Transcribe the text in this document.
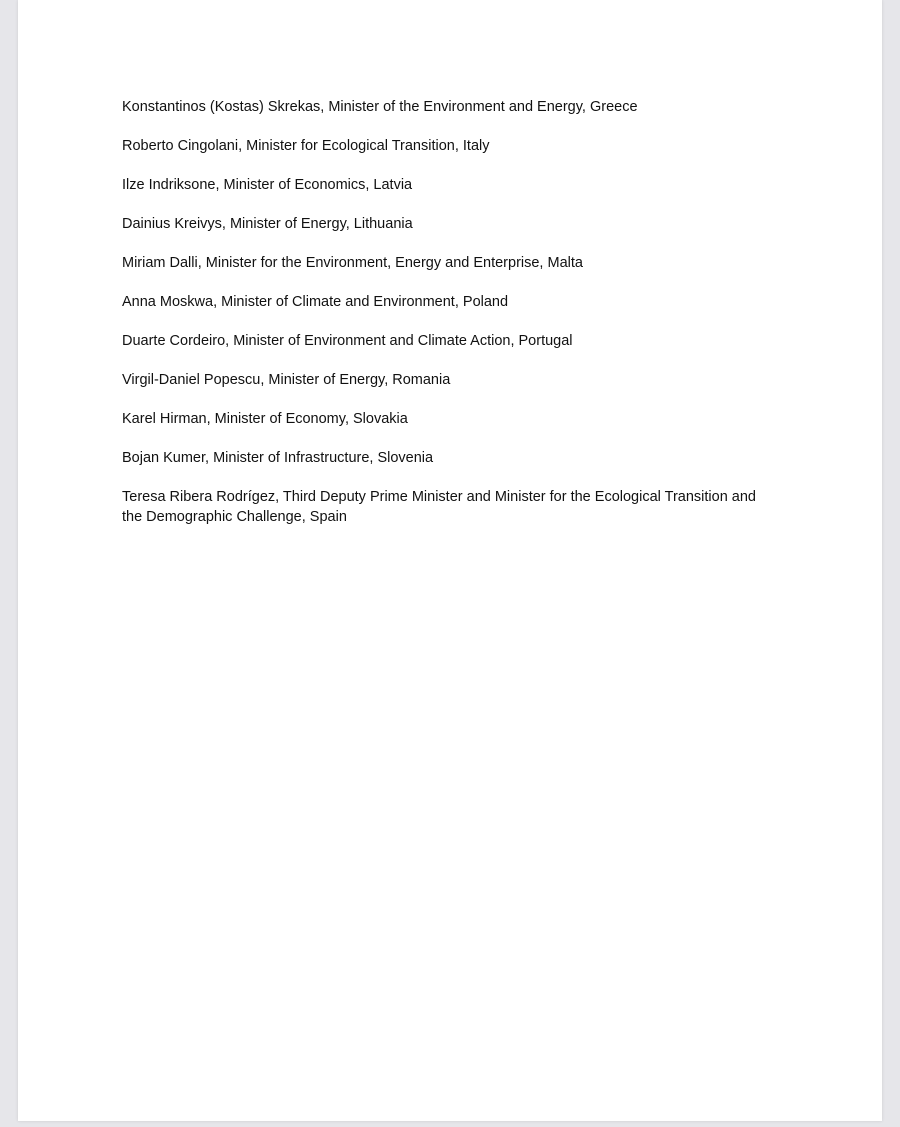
Konstantinos (Kostas) Skrekas, Minister of the Environment and Energy, Greece
Roberto Cingolani, Minister for Ecological Transition, Italy
Ilze Indriksone, Minister of Economics, Latvia
Dainius Kreivys, Minister of Energy, Lithuania
Miriam Dalli, Minister for the Environment, Energy and Enterprise, Malta
Anna Moskwa, Minister of Climate and Environment, Poland
Duarte Cordeiro, Minister of Environment and Climate Action, Portugal
Virgil-Daniel Popescu, Minister of Energy, Romania
Karel Hirman, Minister of Economy, Slovakia
Bojan Kumer, Minister of Infrastructure, Slovenia
Teresa Ribera Rodrígez, Third Deputy Prime Minister and Minister for the Ecological Transition and the Demographic Challenge, Spain
